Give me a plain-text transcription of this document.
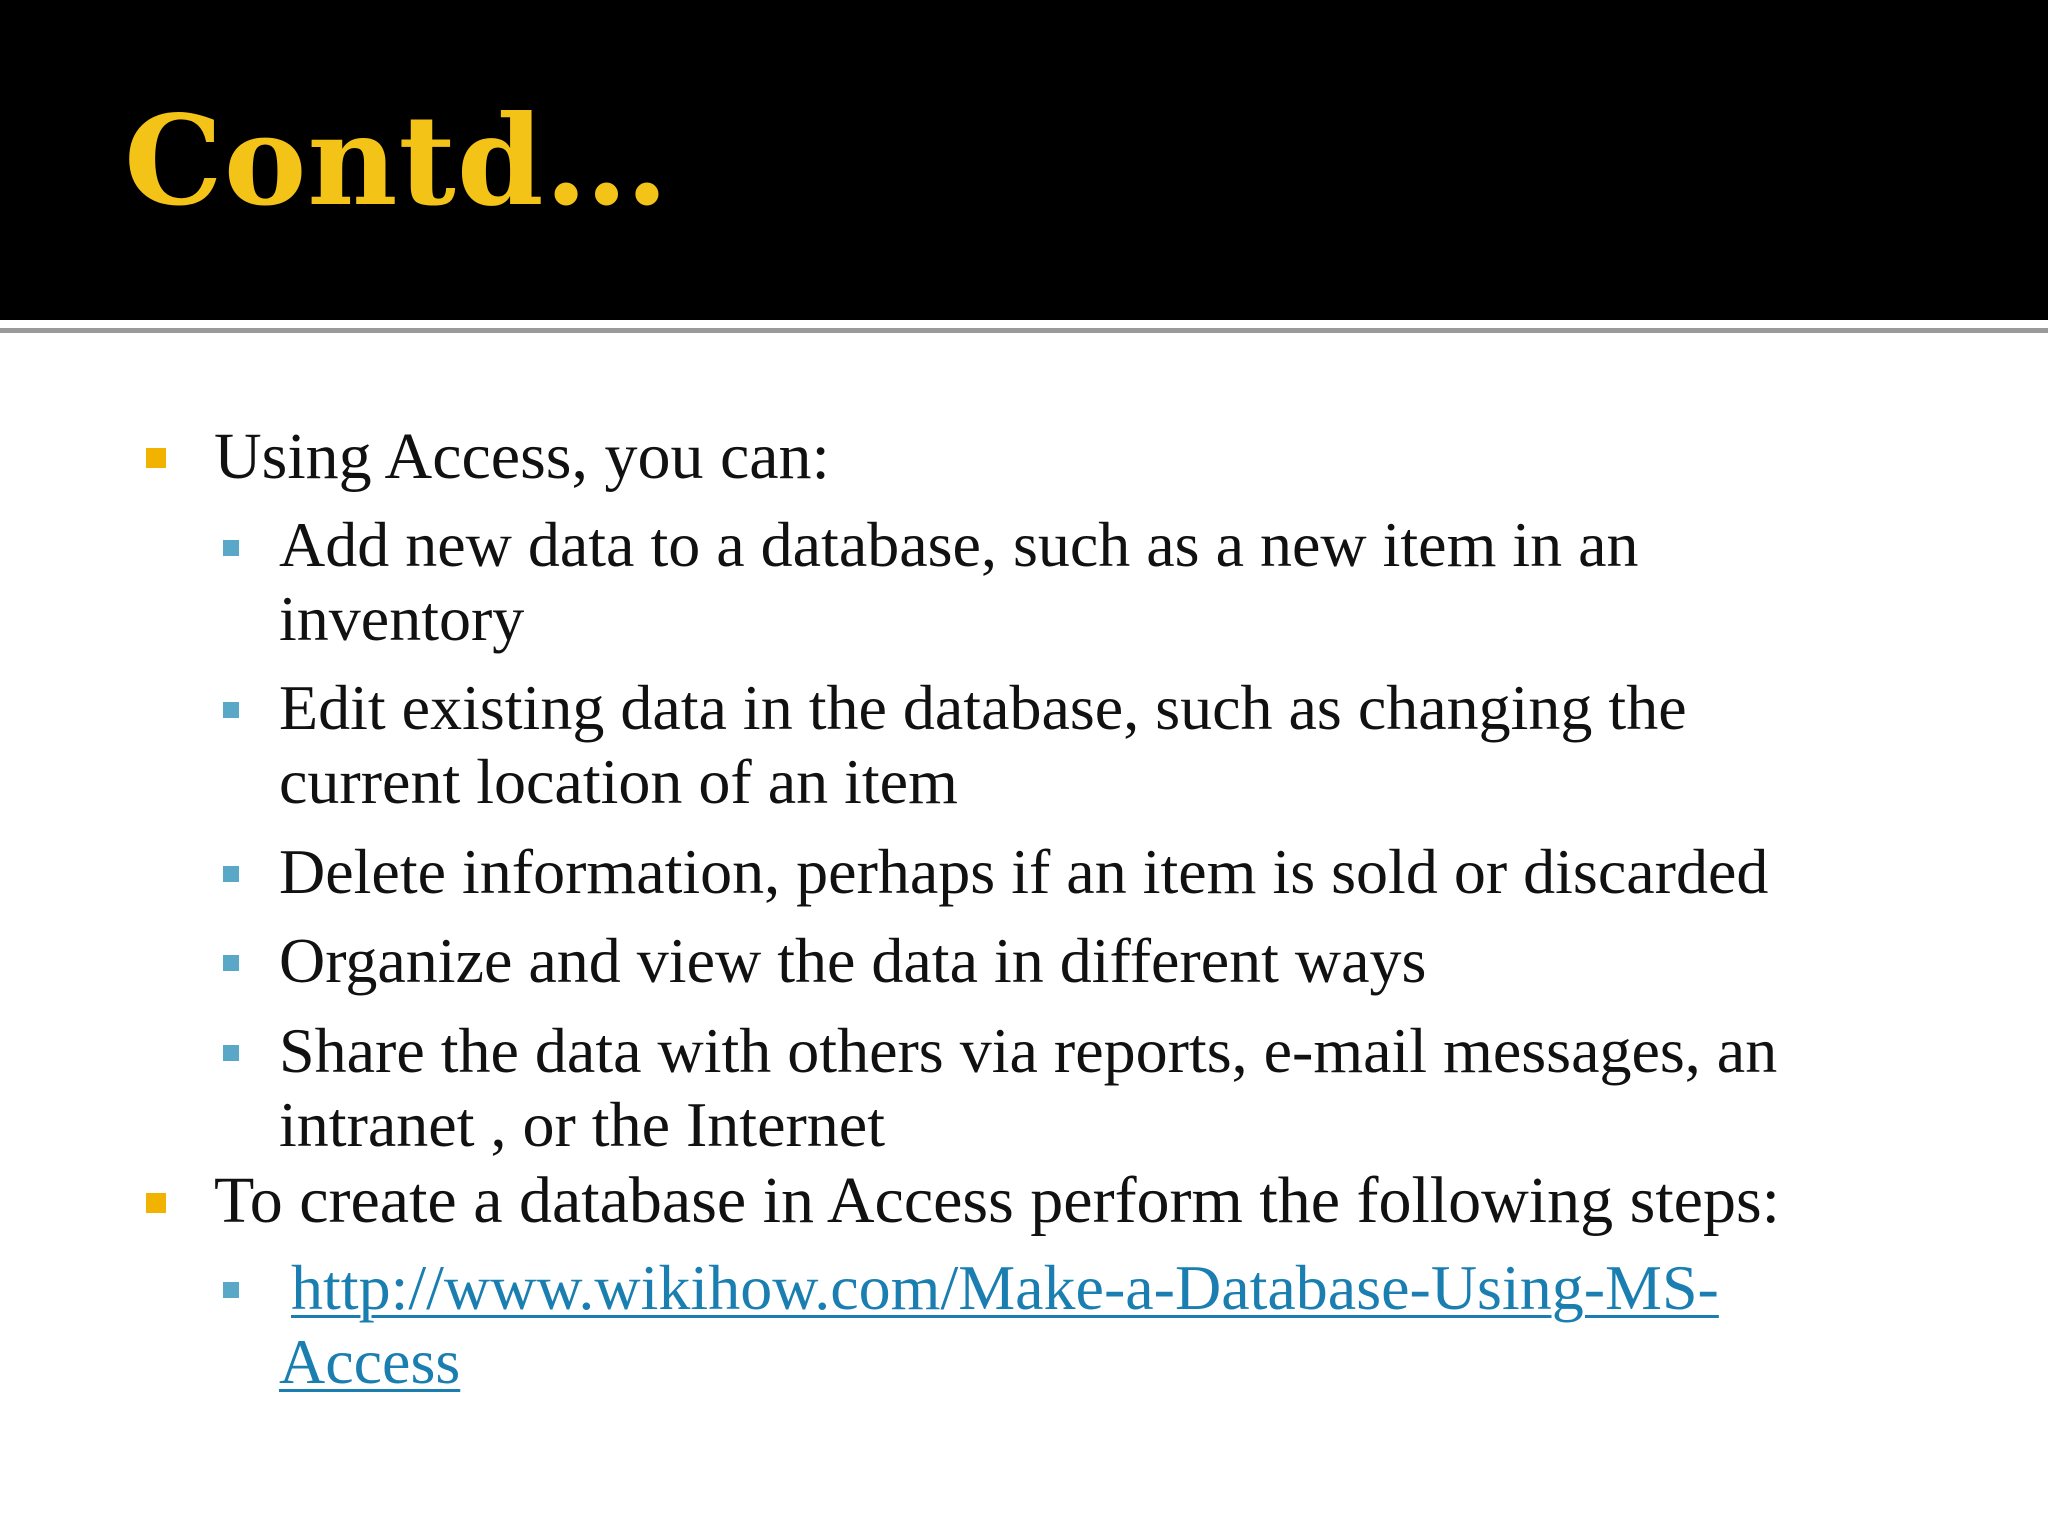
Contd…
Using Access, you can:
Add new data to a database, such as a new item in an
inventory
Edit existing data in the database, such as changing the
current location of an item
Delete information, perhaps if an item is sold or discarded
Organize and view the data in different ways
Share the data with others via reports, e-mail messages, an
intranet , or the Internet
To create a database in Access perform the following steps:
http://www.wikihow.com/Make-a-Database-Using-MS-
Access
